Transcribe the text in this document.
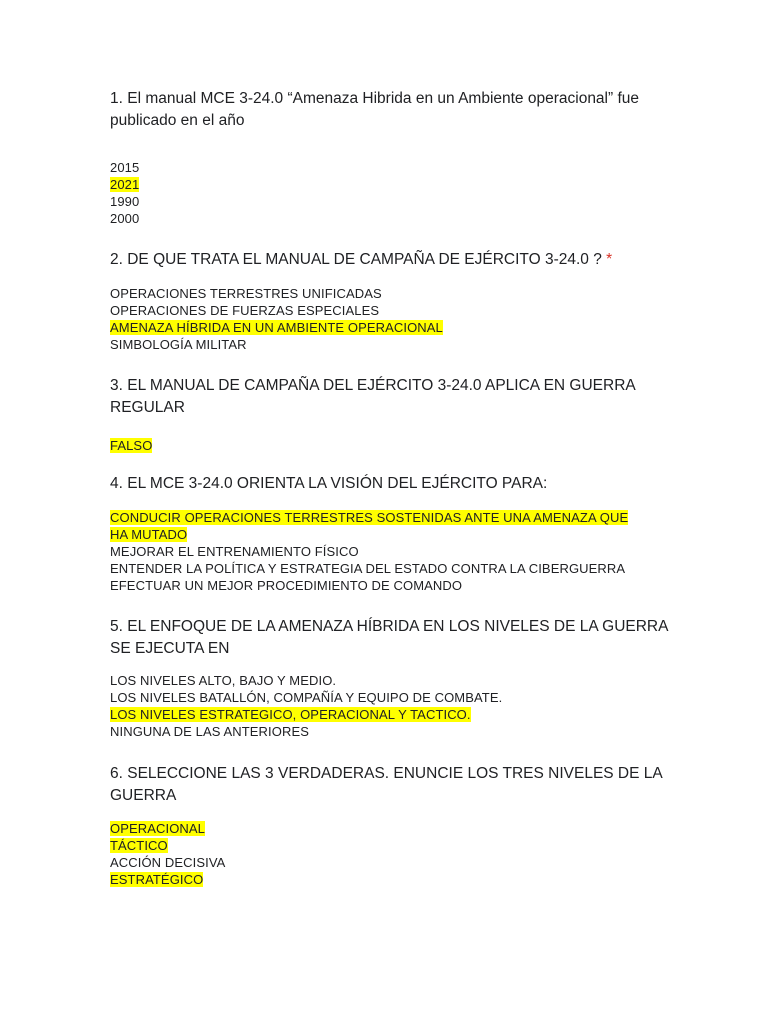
1. El manual MCE 3-24.0 “Amenaza Hibrida en un Ambiente operacional” fue publicado en el año

2015
2021
1990
2000

2. DE QUE TRATA EL MANUAL DE CAMPAÑA DE EJÉRCITO 3-24.0 ? *

OPERACIONES TERRESTRES UNIFICADAS
OPERACIONES DE FUERZAS ESPECIALES
AMENAZA HÍBRIDA EN UN AMBIENTE OPERACIONAL
SIMBOLOGÍA MILITAR

3. EL MANUAL DE CAMPAÑA DEL EJÉRCITO 3-24.0 APLICA EN GUERRA REGULAR

FALSO

4. EL MCE 3-24.0 ORIENTA LA VISIÓN DEL EJÉRCITO PARA:

CONDUCIR OPERACIONES TERRESTRES SOSTENIDAS ANTE UNA AMENAZA QUE HA MUTADO
MEJORAR EL ENTRENAMIENTO FÍSICO
ENTENDER LA POLÍTICA Y ESTRATEGIA DEL ESTADO CONTRA LA CIBERGUERRA
EFECTUAR UN MEJOR PROCEDIMIENTO DE COMANDO

5. EL ENFOQUE DE LA AMENAZA HÍBRIDA EN LOS NIVELES DE LA GUERRA SE EJECUTA EN

LOS NIVELES ALTO, BAJO Y MEDIO.
LOS NIVELES BATALLÓN, COMPAÑÍA Y EQUIPO DE COMBATE.
LOS NIVELES ESTRATEGICO, OPERACIONAL Y TACTICO.
NINGUNA DE LAS ANTERIORES

6. SELECCIONE LAS 3 VERDADERAS. ENUNCIE LOS TRES NIVELES DE LA GUERRA

OPERACIONAL
TÁCTICO
ACCIÓN DECISIVA
ESTRATÉGICO
